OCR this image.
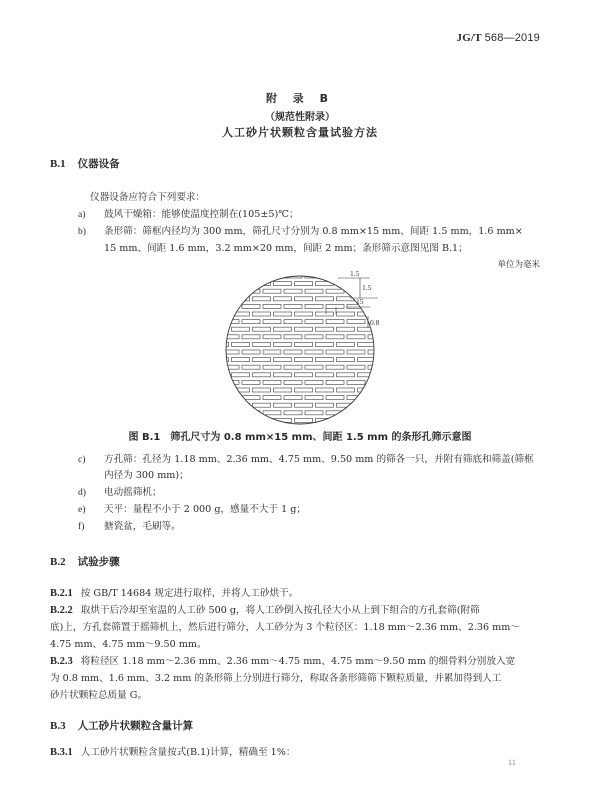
JG/T 568—2019
附 录 B
（规范性附录）
人工砂片状颗粒含量试验方法
B.1 仪器设备
仪器设备应符合下列要求：
a) 鼓风干燥箱：能够使温度控制在(105±5)℃；
b) 条形筛：筛框内径均为 300 mm，筛孔尺寸分别为 0.8 mm×15 mm、间距 1.5 mm，1.6 mm×
15 mm、间距 1.6 mm，3.2 mm×20 mm，间距 2 mm；条形筛示意图见图 B.1；
单位为毫米
1.5
1.5
15
0.8
图 B.1　筛孔尺寸为 0.8 mm×15 mm、间距 1.5 mm 的条形孔筛示意图
c) 方孔筛：孔径为 1.18 mm、2.36 mm、4.75 mm、9.50 mm 的筛各一只，并附有筛底和筛盖(筛框
内径为 300 mm)；
d) 电动摇筛机；
e) 天平：量程不小于 2 000 g，感量不大于 1 g；
f) 搪瓷盆，毛刷等。
B.2 试验步骤
B.2.1 按 GB/T 14684 规定进行取样，并将人工砂烘干。
B.2.2 取烘干后冷却至室温的人工砂 500 g，将人工砂倒入按孔径大小从上到下组合的方孔套筛(附筛
底)上，方孔套筛置于摇筛机上，然后进行筛分，人工砂分为 3 个粒径区：1.18 mm～2.36 mm、2.36 mm～
4.75 mm、4.75 mm～9.50 mm。
B.2.3 将粒径区 1.18 mm～2.36 mm、2.36 mm～4.75 mm、4.75 mm～9.50 mm 的细骨料分别放入宽
为 0.8 mm、1.6 mm、3.2 mm 的条形筛上分别进行筛分，称取各条形筛筛下颗粒质量，并累加得到人工
砂片状颗粒总质量 G。
B.3 人工砂片状颗粒含量计算
B.3.1 人工砂片状颗粒含量按式(B.1)计算，精确至 1%：
11
